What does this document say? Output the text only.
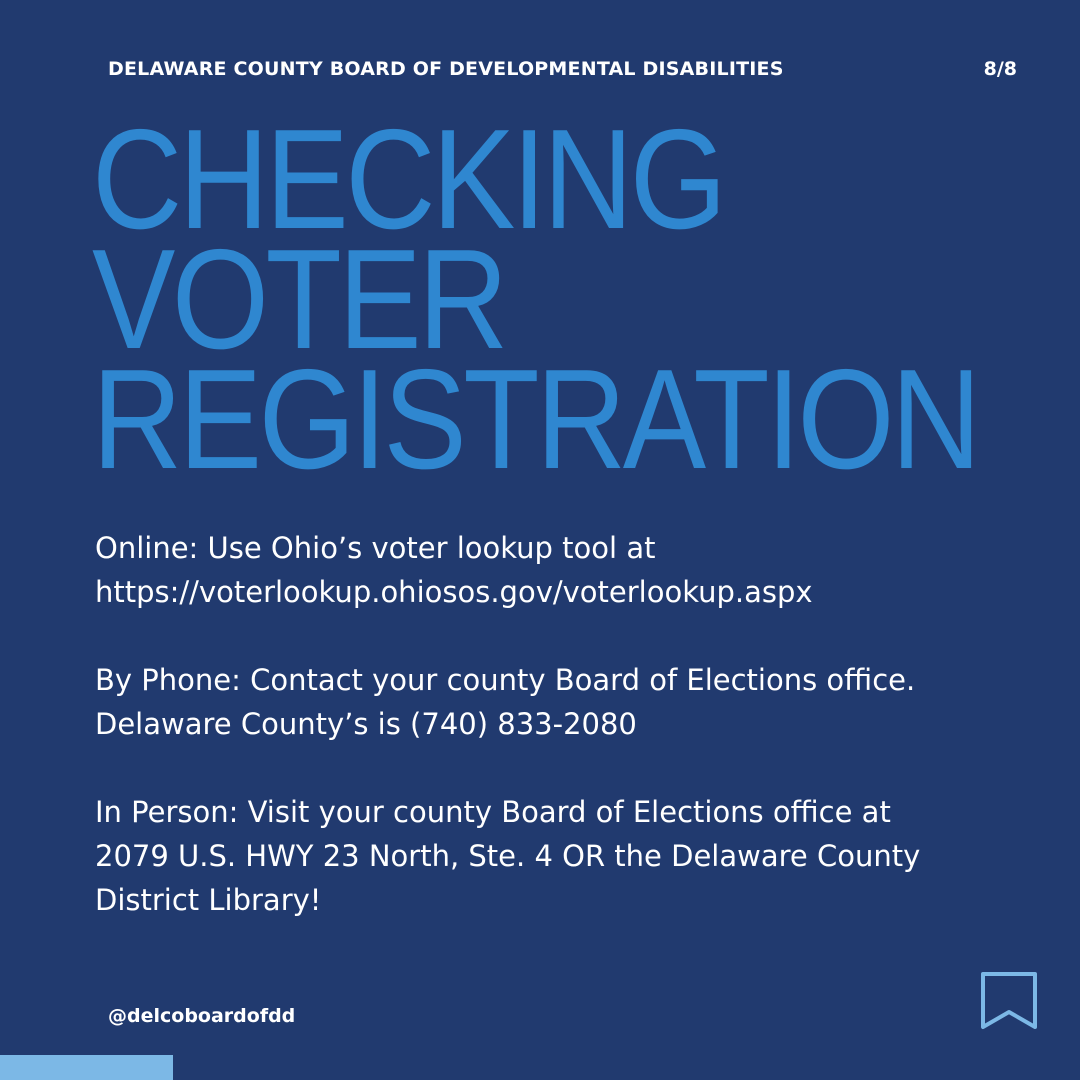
DELAWARE COUNTY BOARD OF DEVELOPMENTAL DISABILITIES	8/8
CHECKING
VOTER
REGISTRATION

Online: Use Ohio’s voter lookup tool at
https://voterlookup.ohiosos.gov/voterlookup.aspx

By Phone: Contact your county Board of Elections office.
Delaware County’s is (740) 833-2080

In Person: Visit your county Board of Elections office at
2079 U.S. HWY 23 North, Ste. 4 OR the Delaware County
District Library!

@delcoboardofdd
